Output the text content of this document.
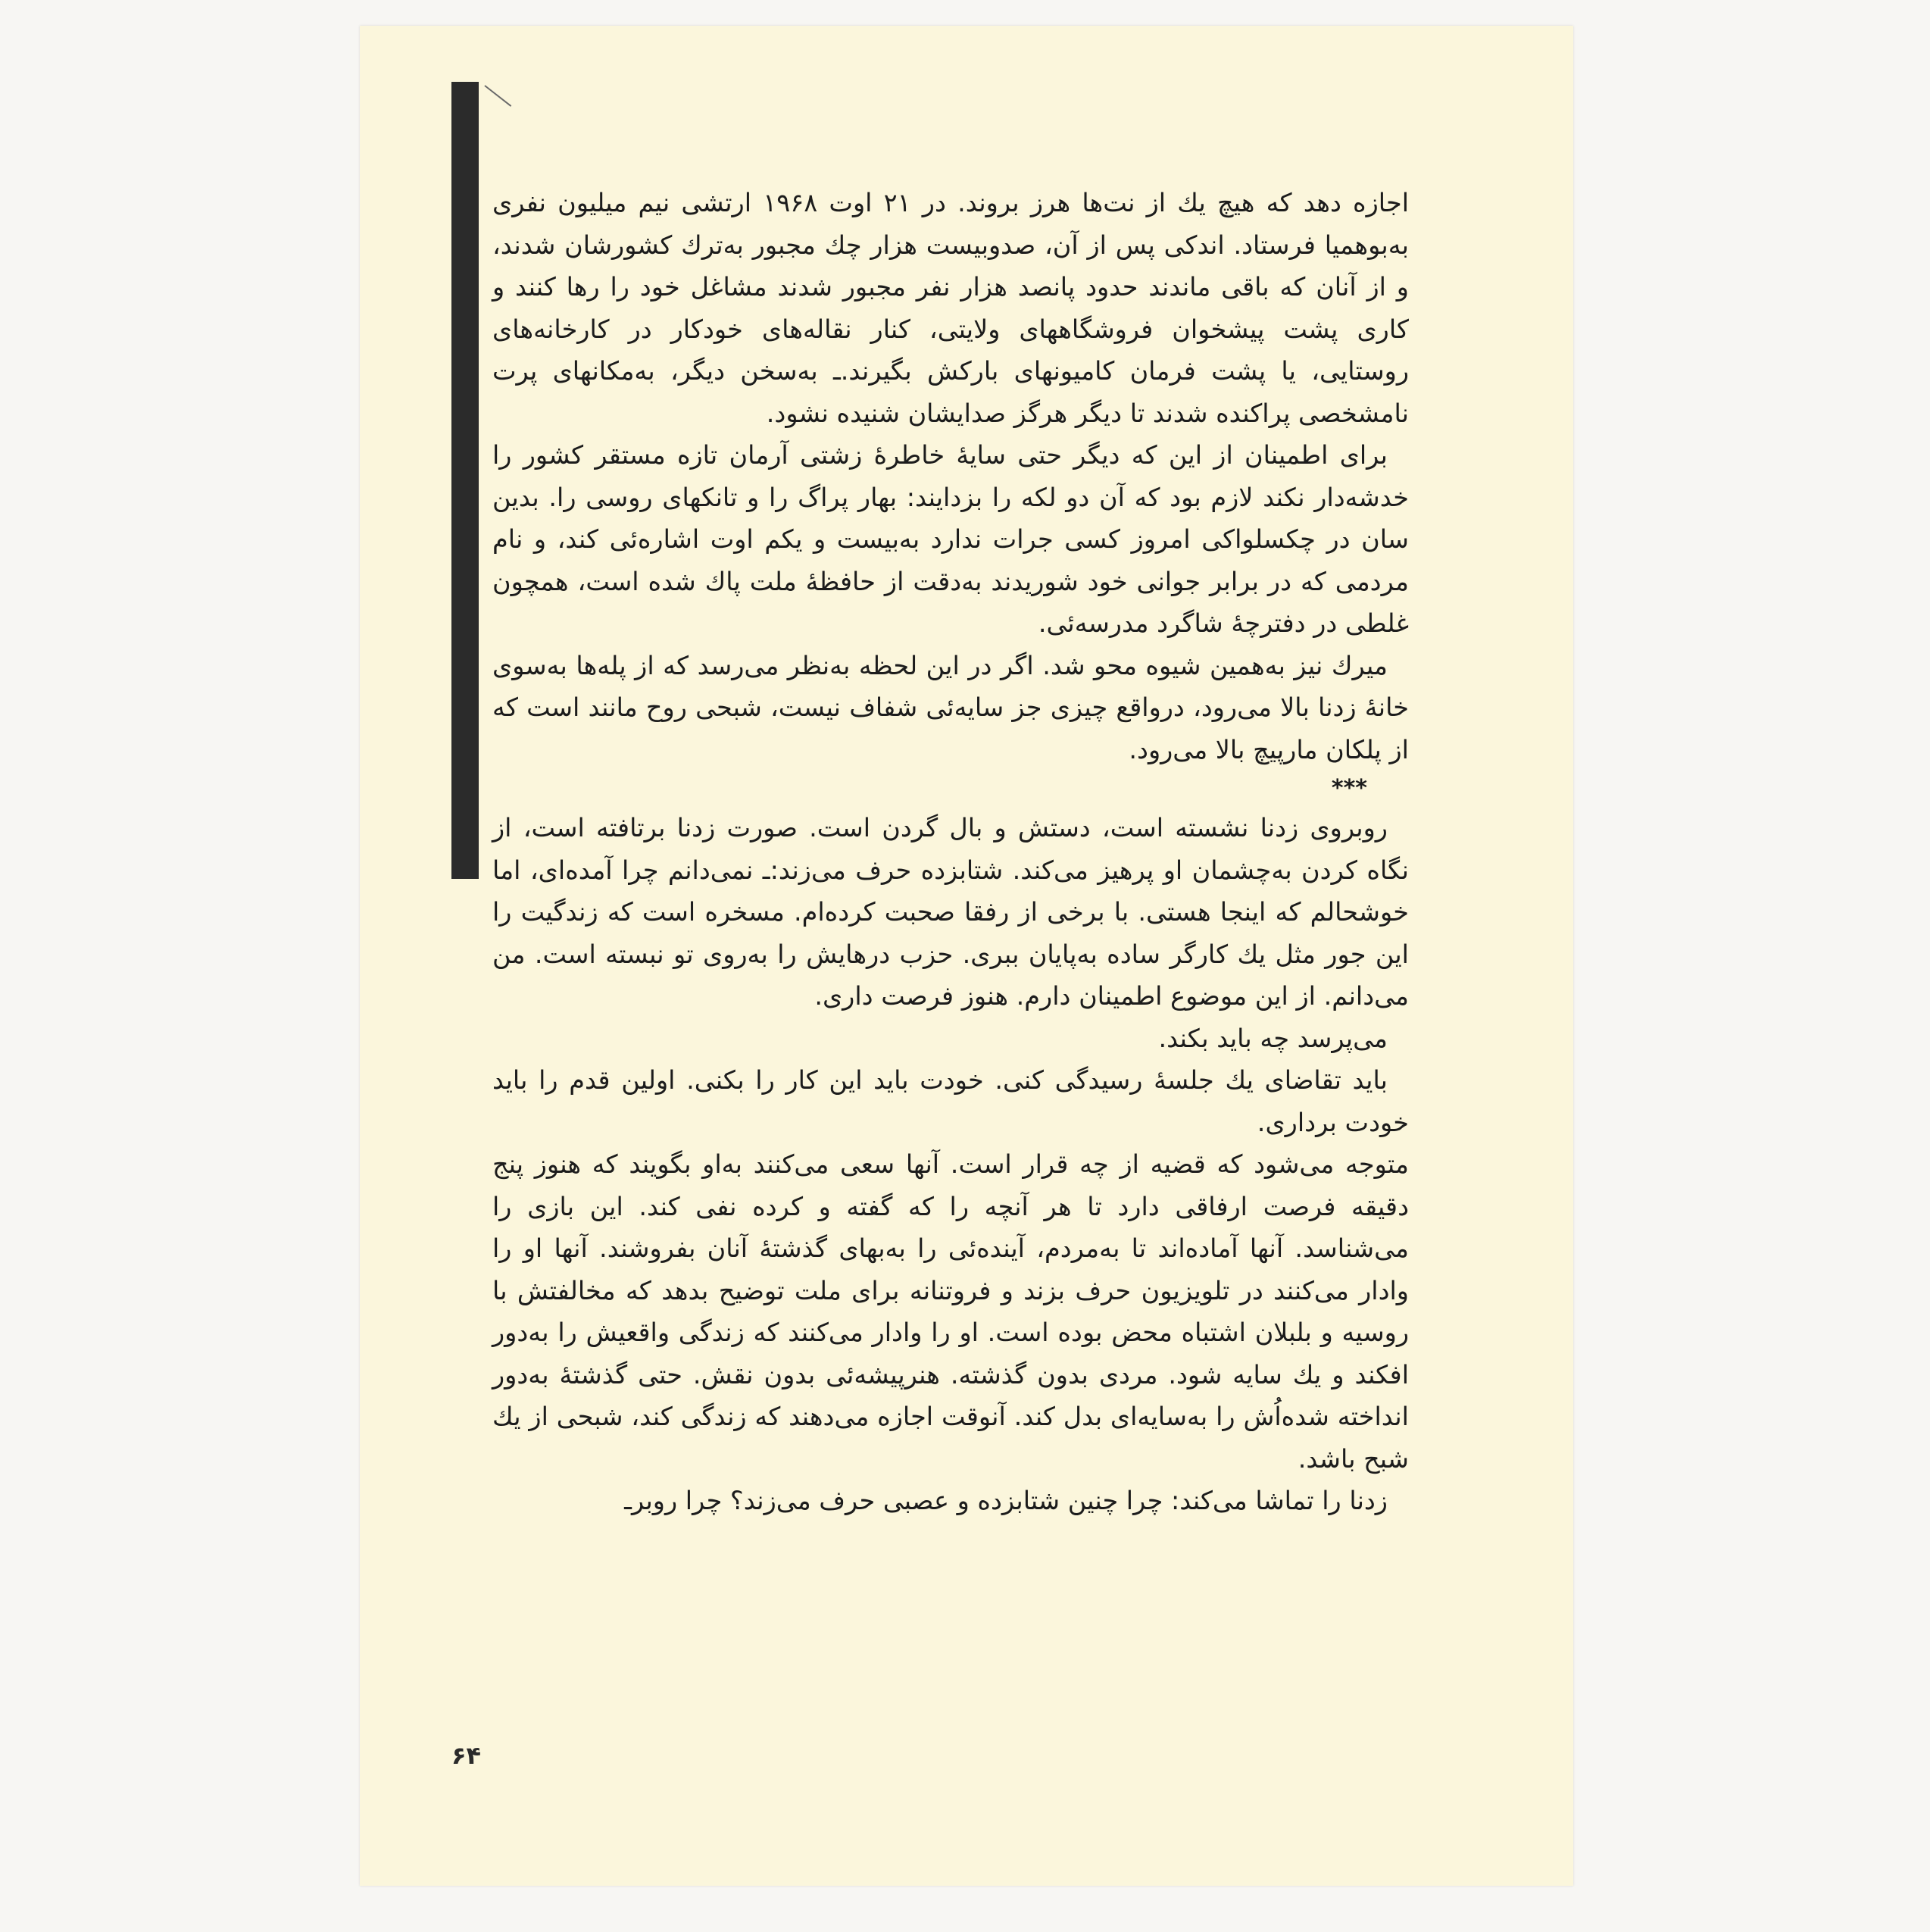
اجازه دهد که هیچ یك از نت‌ها هرز بروند. در ۲۱ اوت ۱۹۶۸ ارتشی نیم میلیون نفری به‌بوهمیا فرستاد. اندکی پس از آن، صدوبیست هزار چك مجبور به‌ترك کشورشان شدند، و از آنان که باقی ماندند حدود پانصد هزار نفر مجبور شدند مشاغل خود را رها کنند و کاری پشت پیشخوان فروشگاههای ولایتی، کنار نقاله‌های خودکار در کارخانه‌های روستایی، یا پشت فرمان کامیونهای بارکش بگیرند.ـ به‌سخن دیگر، به‌مکانهای پرت نامشخصی پراکنده شدند تا دیگر هرگز صدایشان شنیده نشود.

برای اطمینان از این که دیگر حتی سایهٔ خاطرهٔ زشتی آرمان تازه مستقر کشور را خدشه‌دار نکند لازم بود که آن دو لکه را بزدایند: بهار پراگ را و تانکهای روسی را. بدین سان در چکسلواکی امروز کسی جرات ندارد به‌بیست و یکم اوت اشاره‌ئی کند، و نام مردمی که در برابر جوانی خود شوریدند به‌دقت از حافظهٔ ملت پاك شده است، همچون غلطی در دفترچهٔ شاگرد مدرسه‌ئی.

میرك نیز به‌همین شیوه محو شد. اگر در این لحظه به‌نظر می‌رسد که از پله‌ها به‌سوی خانهٔ زدنا بالا می‌رود، درواقع چیزی جز سایه‌ئی شفاف نیست، شبحی روح مانند است که از پلکان مارپیچ بالا می‌رود.

***

روبروی زدنا نشسته است، دستش و بال گردن است. صورت زدنا برتافته است، از نگاه کردن به‌چشمان او پرهیز می‌کند. شتابزده حرف می‌زند:ـ نمی‌دانم چرا آمده‌ای، اما خوشحالم که اینجا هستی. با برخی از رفقا صحبت کرده‌ام. مسخره است که زندگیت را این جور مثل یك کارگر ساده به‌پایان ببری. حزب درهایش را به‌روی تو نبسته است. من می‌دانم. از این موضوع اطمینان دارم. هنوز فرصت داری.

می‌پرسد چه باید بکند.

باید تقاضای یك جلسهٔ رسیدگی کنی. خودت باید این کار را بکنی. اولین قدم را باید خودت برداری.

متوجه می‌شود که قضیه از چه قرار است. آنها سعی می‌کنند به‌او بگویند که هنوز پنج دقیقه فرصت ارفاقی دارد تا هر آنچه را که گفته و کرده نفی کند. این بازی را می‌شناسد. آنها آماده‌اند تا به‌مردم، آینده‌ئی را به‌بهای گذشتهٔ آنان بفروشند. آنها او را وادار می‌کنند در تلویزیون حرف بزند و فروتنانه برای ملت توضیح بدهد که مخالفتش با روسیه و بلبلان اشتباه محض بوده است. او را وادار می‌کنند که زندگی واقعیش را به‌دور افکند و یك سایه شود. مردی بدون گذشته. هنرپیشه‌ئی بدون نقش. حتی گذشتهٔ به‌دور انداخته شده‌اُش را به‌سایه‌ای بدل کند. آنوقت اجازه می‌دهند که زندگی کند، شبحی از یك شبح باشد.

زدنا را تماشا می‌کند: چرا چنین شتابزده و عصبی حرف می‌زند؟ چرا روبرـ

۶۴
